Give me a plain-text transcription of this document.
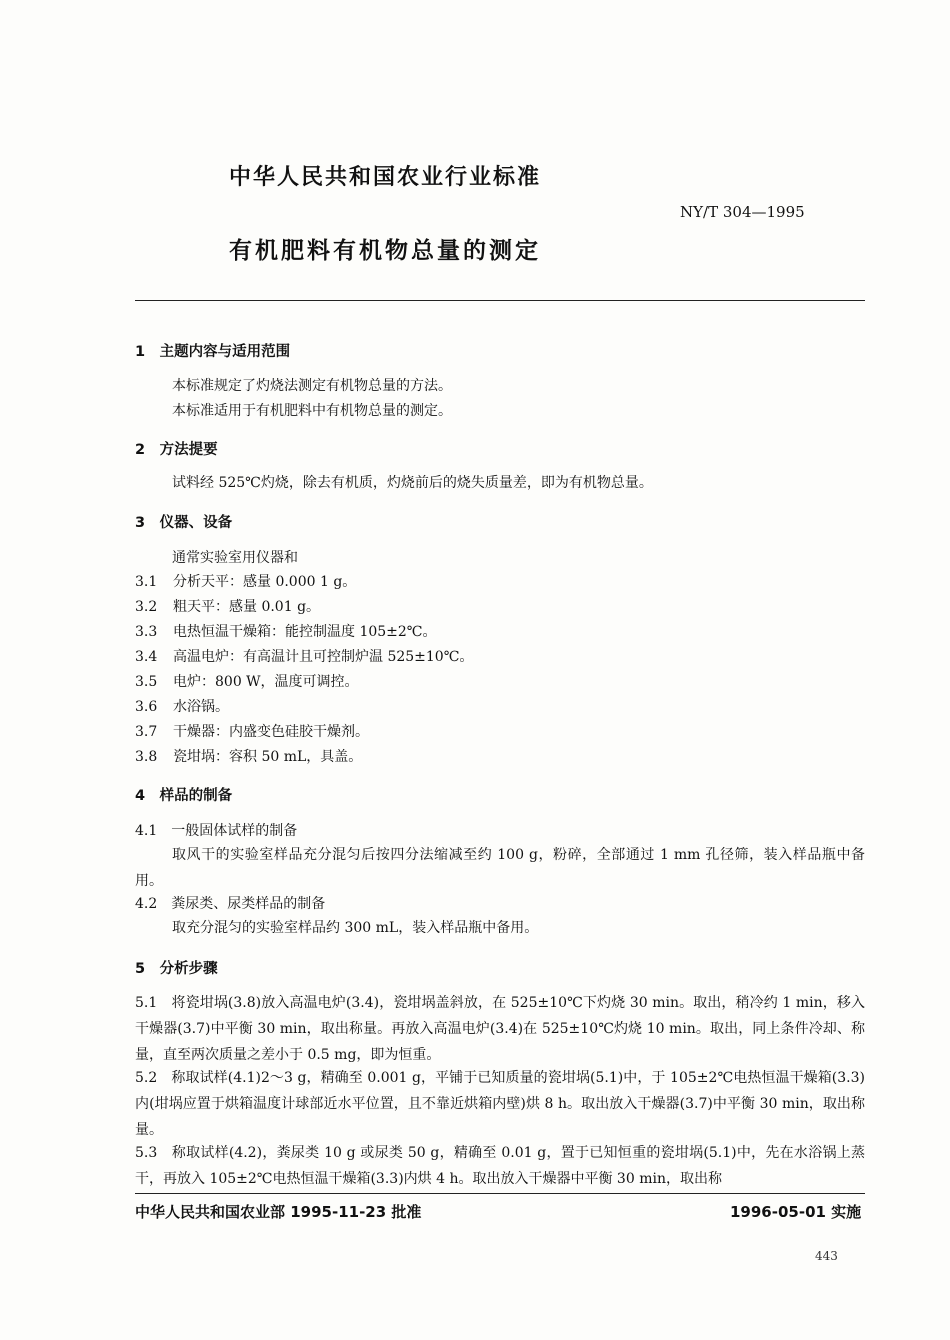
中华人民共和国农业行业标准
NY/T 304—1995
有机肥料有机物总量的测定
1　主题内容与适用范围
本标准规定了灼烧法测定有机物总量的方法。
本标准适用于有机肥料中有机物总量的测定。
2　方法提要
试料经 525℃灼烧，除去有机质，灼烧前后的烧失质量差，即为有机物总量。
3　仪器、设备
通常实验室用仪器和
3.1 分析天平：感量 0.000 1 g。
3.2 粗天平：感量 0.01 g。
3.3 电热恒温干燥箱：能控制温度 105±2℃。
3.4 高温电炉：有高温计且可控制炉温 525±10℃。
3.5 电炉：800 W，温度可调控。
3.6 水浴锅。
3.7 干燥器：内盛变色硅胶干燥剂。
3.8 瓷坩埚：容积 50 mL，具盖。
4　样品的制备
4.1　一般固体试样的制备

取风干的实验室样品充分混匀后按四分法缩减至约 100 g，粉碎，全部通过 1 mm 孔径筛，装入样品瓶中备用。

4.2　粪尿类、尿类样品的制备
取充分混匀的实验室样品约 300 mL，装入样品瓶中备用。
5　分析步骤

5.1　将瓷坩埚(3.8)放入高温电炉(3.4)，瓷坩埚盖斜放，在 525±10℃下灼烧 30 min。取出，稍冷约 1 min，移入干燥器(3.7)中平衡 30 min，取出称量。再放入高温电炉(3.4)在 525±10℃灼烧 10 min。取出，同上条件冷却、称量，直至两次质量之差小于 0.5 mg，即为恒重。

5.2　称取试样(4.1)2～3 g，精确至 0.001 g，平铺于已知质量的瓷坩埚(5.1)中，于 105±2℃电热恒温干燥箱(3.3)内(坩埚应置于烘箱温度计球部近水平位置，且不靠近烘箱内壁)烘 8 h。取出放入干燥器(3.7)中平衡 30 min，取出称量。

5.3　称取试样(4.2)，粪尿类 10 g 或尿类 50 g，精确至 0.01 g，置于已知恒重的瓷坩埚(5.1)中，先在水浴锅上蒸干，再放入 105±2℃电热恒温干燥箱(3.3)内烘 4 h。取出放入干燥器中平衡 30 min，取出称

中华人民共和国农业部 1995-11-23 批准	1996-05-01 实施
443
